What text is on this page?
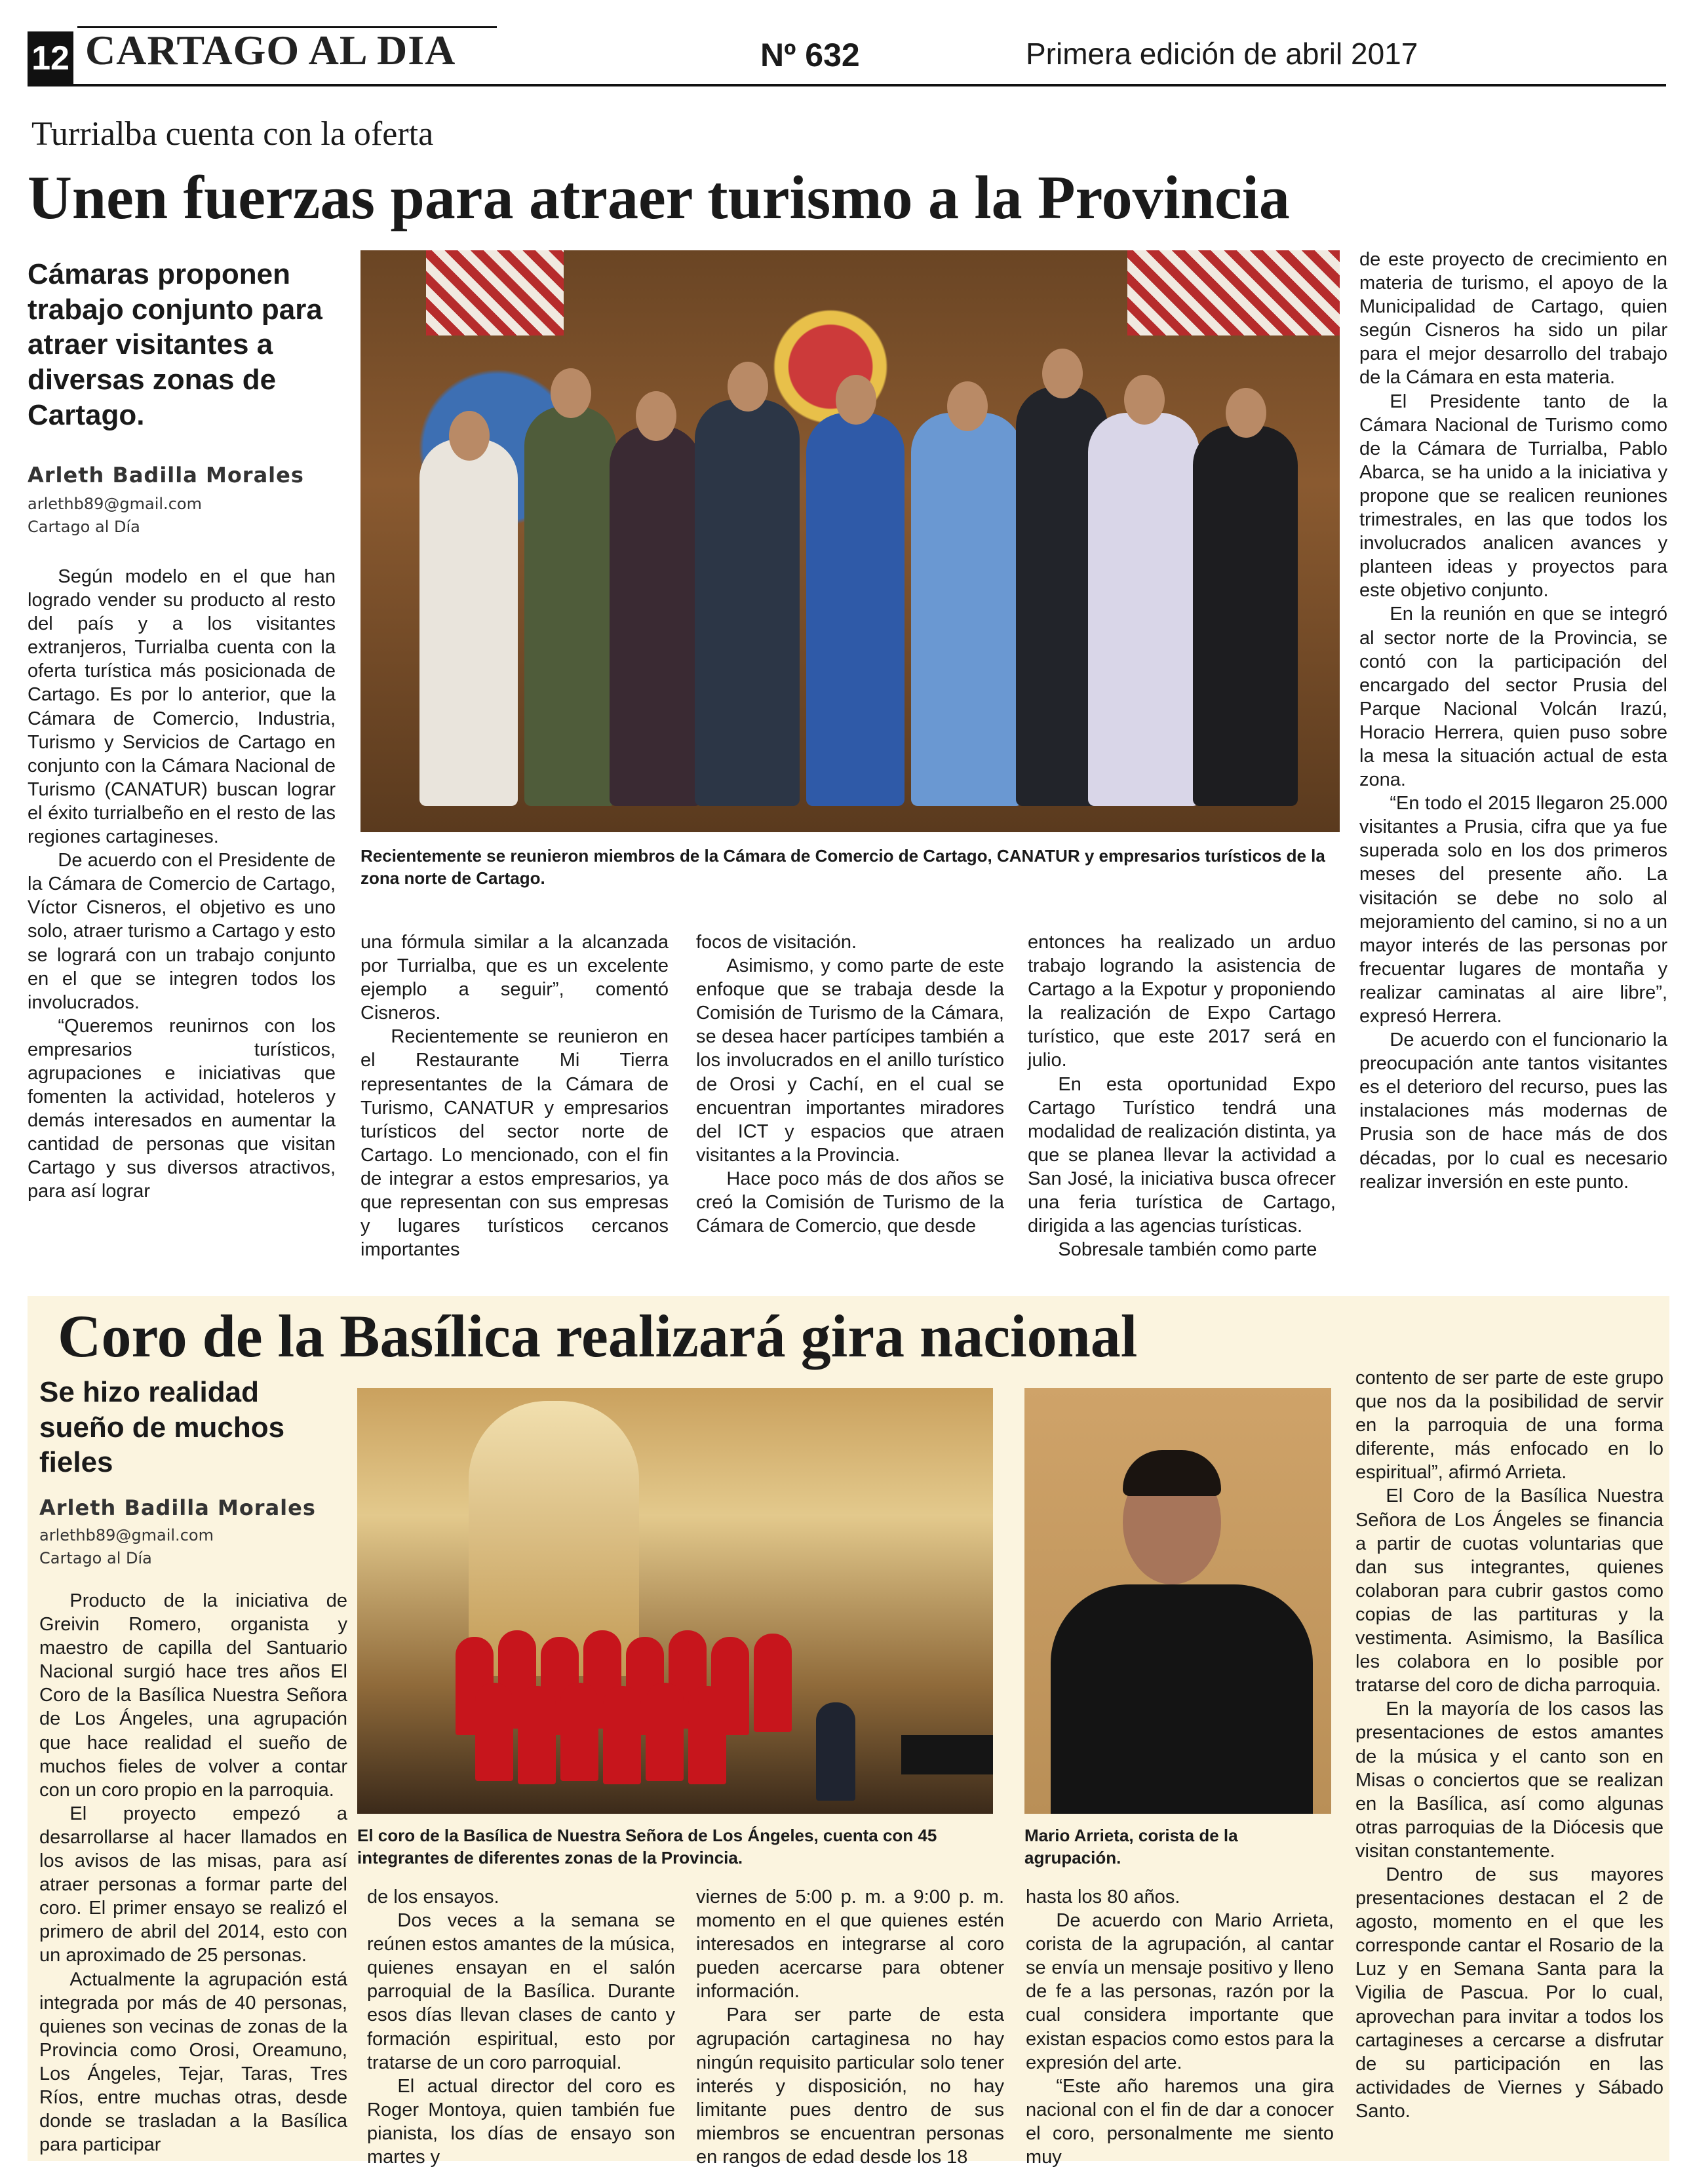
12 CARTAGO AL DIA	Nº 632	Primera edición de abril 2017
Turrialba cuenta con la oferta
Unen fuerzas para atraer turismo a la Provincia
Cámaras proponen trabajo conjunto para atraer visitantes a diversas zonas de Cartago.
Arleth Badilla Morales
arlethb89@gmail.com
Cartago al Día

Según modelo en el que han logrado vender su producto al resto del país y a los visitantes extranjeros, Turrialba cuenta con la oferta turística más posicionada de Cartago. Es por lo anterior, que la Cámara de Comercio, Industria, Turismo y Servicios de Cartago en conjunto con la Cámara Nacional de Turismo (CANATUR) buscan lograr el éxito turrialbeño en el resto de las regiones cartagineses.

De acuerdo con el Presidente de la Cámara de Comercio de Cartago, Víctor Cisneros, el objetivo es uno solo, atraer turismo a Cartago y esto se logrará con un trabajo conjunto en el que se integren todos los involucrados.

“Queremos reunirnos con los empresarios turísticos, agrupaciones e iniciativas que fomenten la actividad, hoteleros y demás interesados en aumentar la cantidad de personas que visitan Cartago y sus diversos atractivos, para así lograr

Recientemente se reunieron miembros de la Cámara de Comercio de Cartago, CANATUR y empresarios turísticos de la zona norte de Cartago.

una fórmula similar a la alcanzada por Turrialba, que es un excelente ejemplo a seguir”, comentó Cisneros.

Recientemente se reunieron en el Restaurante Mi Tierra representantes de la Cámara de Turismo, CANATUR y empresarios turísticos del sector norte de Cartago. Lo mencionado, con el fin de integrar a estos empresarios, ya que representan con sus empresas y lugares turísticos cercanos importantes

focos de visitación.

Asimismo, y como parte de este enfoque que se trabaja desde la Comisión de Turismo de la Cámara, se desea hacer partícipes también a los involucrados en el anillo turístico de Orosi y Cachí, en el cual se encuentran importantes miradores del ICT y espacios que atraen visitantes a la Provincia.

Hace poco más de dos años se creó la Comisión de Turismo de la Cámara de Comercio, que desde

entonces ha realizado un arduo trabajo logrando la asistencia de Cartago a la Expotur y proponiendo la realización de Expo Cartago turístico, que este 2017 será en julio.

En esta oportunidad Expo Cartago Turístico tendrá una modalidad de realización distinta, ya que se planea llevar la actividad a San José, la iniciativa busca ofrecer una feria turística de Cartago, dirigida a las agencias turísticas.

Sobresale también como parte

de este proyecto de crecimiento en materia de turismo, el apoyo de la Municipalidad de Cartago, quien según Cisneros ha sido un pilar para el mejor desarrollo del trabajo de la Cámara en esta materia.

El Presidente tanto de la Cámara Nacional de Turismo como de la Cámara de Turrialba, Pablo Abarca, se ha unido a la iniciativa y propone que se realicen reuniones trimestrales, en las que todos los involucrados analicen avances y planteen ideas y proyectos para este objetivo conjunto.

En la reunión en que se integró al sector norte de la Provincia, se contó con la participación del encargado del sector Prusia del Parque Nacional Volcán Irazú, Horacio Herrera, quien puso sobre la mesa la situación actual de esta zona.

“En todo el 2015 llegaron 25.000 visitantes a Prusia, cifra que ya fue superada solo en los dos primeros meses del presente año. La visitación se debe no solo al mejoramiento del camino, si no a un mayor interés de las personas por frecuentar lugares de montaña y realizar caminatas al aire libre”, expresó Herrera.

De acuerdo con el funcionario la preocupación ante tantos visitantes es el deterioro del recurso, pues las instalaciones más modernas de Prusia son de hace más de dos décadas, por lo cual es necesario realizar inversión en este punto.

Coro de la Basílica realizará gira nacional
Se hizo realidad sueño de muchos fieles
Arleth Badilla Morales
arlethb89@gmail.com
Cartago al Día

Producto de la iniciativa de Greivin Romero, organista y maestro de capilla del Santuario Nacional surgió hace tres años El Coro de la Basílica Nuestra Señora de Los Ángeles, una agrupación que hace realidad el sueño de muchos fieles de volver a contar con un coro propio en la parroquia.

El proyecto empezó a desarrollarse al hacer llamados en los avisos de las misas, para así atraer personas a formar parte del coro. El primer ensayo se realizó el primero de abril del 2014, esto con un aproximado de 25 personas.

Actualmente la agrupación está integrada por más de 40 personas, quienes son vecinas de zonas de la Provincia como Orosi, Oreamuno, Los Ángeles, Tejar, Taras, Tres Ríos, entre muchas otras, desde donde se trasladan a la Basílica para participar

El coro de la Basílica de Nuestra Señora de Los Ángeles, cuenta con 45 integrantes de diferentes zonas de la Provincia.
Mario Arrieta, corista de la agrupación.

de los ensayos.

Dos veces a la semana se reúnen estos amantes de la música, quienes ensayan en el salón parroquial de la Basílica. Durante esos días llevan clases de canto y formación espiritual, esto por tratarse de un coro parroquial.

El actual director del coro es Roger Montoya, quien también fue pianista, los días de ensayo son martes y

viernes de 5:00 p. m. a 9:00 p. m. momento en el que quienes estén interesados en integrarse al coro pueden acercarse para obtener información.

Para ser parte de esta agrupación cartaginesa no hay ningún requisito particular solo tener interés y disposición, no hay limitante pues dentro de sus miembros se encuentran personas en rangos de edad desde los 18

hasta los 80 años.

De acuerdo con Mario Arrieta, corista de la agrupación, al cantar se envía un mensaje positivo y lleno de fe a las personas, razón por la cual considera importante que existan espacios como estos para la expresión del arte.

“Este año haremos una gira nacional con el fin de dar a conocer el coro, personalmente me siento muy

contento de ser parte de este grupo que nos da la posibilidad de servir en la parroquia de una forma diferente, más enfocado en lo espiritual”, afirmó Arrieta.

El Coro de la Basílica Nuestra Señora de Los Ángeles se financia a partir de cuotas voluntarias que dan sus integrantes, quienes colaboran para cubrir gastos como copias de las partituras y la vestimenta. Asimismo, la Basílica les colabora en lo posible por tratarse del coro de dicha parroquia.

En la mayoría de los casos las presentaciones de estos amantes de la música y el canto son en Misas o conciertos que se realizan en la Basílica, así como algunas otras parroquias de la Diócesis que visitan constantemente.

Dentro de sus mayores presentaciones destacan el 2 de agosto, momento en el que les corresponde cantar el Rosario de la Luz y en Semana Santa para la Vigilia de Pascua. Por lo cual, aprovechan para invitar a todos los cartagineses a cercarse a disfrutar de su participación en las actividades de Viernes y Sábado Santo.
